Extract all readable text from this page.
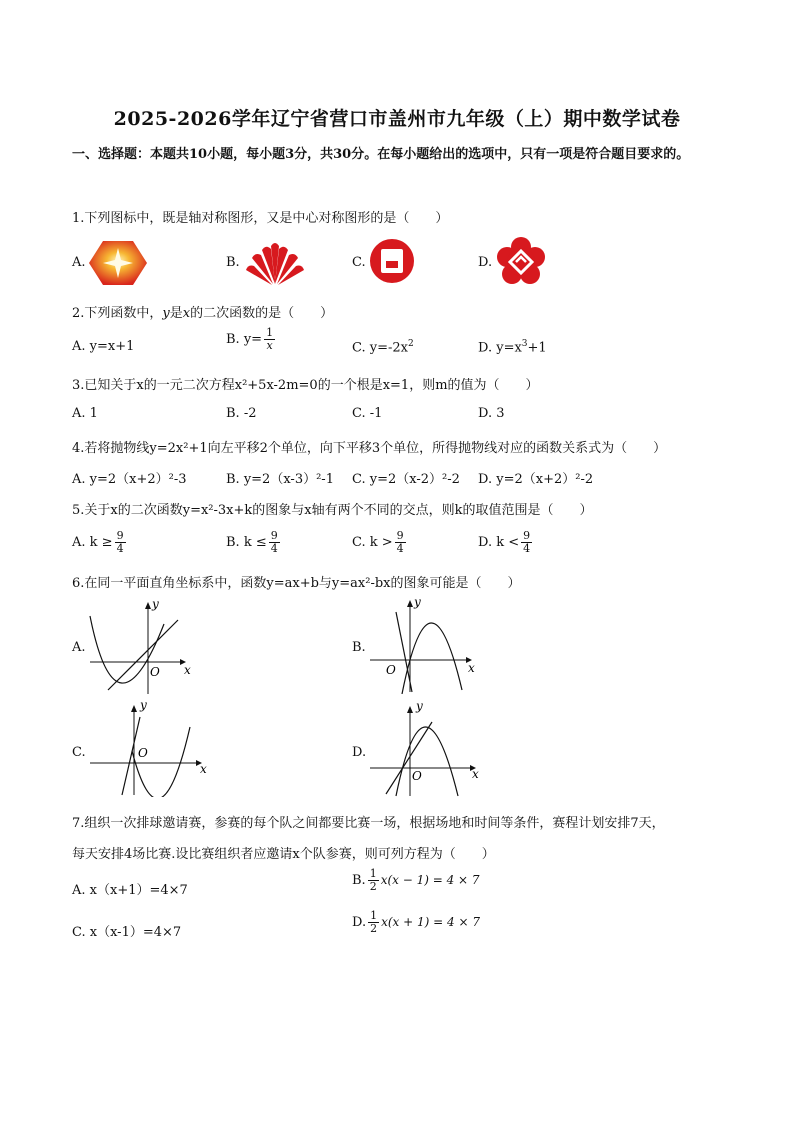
2025-2026学年辽宁省营口市盖州市九年级（上）期中数学试卷
一、选择题：本题共10小题，每小题3分，共30分。在每小题给出的选项中，只有一项是符合题目要求的。
1.下列图标中，既是轴对称图形，又是中心对称图形的是（　　）
A.	B.	C.	D.
2.下列函数中，y是x的二次函数的是（　　）
A. y=x+1	B. $y= \frac{1}{x}$	C. $y=-2x^2$	D. $y=x^3+1$
3.已知关于x的一元二次方程x²+5x-2m=0的一个根是x=1，则m的值为（　　）
A. 1	B. -2	C. -1	D. 3
4.若将抛物线y=2x²+1向左平移2个单位，向下平移3个单位，所得抛物线对应的函数关系式为（　　）
A. y=2（x+2）²-3	B. y=2（x-3）²-1 C. y=2（x-2）²-2 D. y=2（x+2）²-2
5.关于x的二次函数y=x²-3x+k的图象与x轴有两个不同的交点，则k的取值范围是（　　）
A. $k \ge \frac{9}{4}$	B. $k \le \frac{9}{4}$	C. $k > \frac{9}{4}$	D. $k < \frac{9}{4}$
6.在同一平面直角坐标系中，函数y=ax+b与y=ax²-bx的图象可能是（　　）
A.
x
y
O
B.
x
y
O
C.
x
y
O	D.
x
y
O
7.组织一次排球邀请赛，参赛的每个队之间都要比赛一场，根据场地和时间等条件，赛程计划安排7天，
每天安排4场比赛.设比赛组织者应邀请x个队参赛，则可列方程为（　　）
A. x（x+1）=4×7
B. $\frac{1}{2} x(x - 1) = 4 \times 7$
C. x（x-1）=4×7
D. $\frac{1}{2} x(x + 1) = 4 \times 7$
